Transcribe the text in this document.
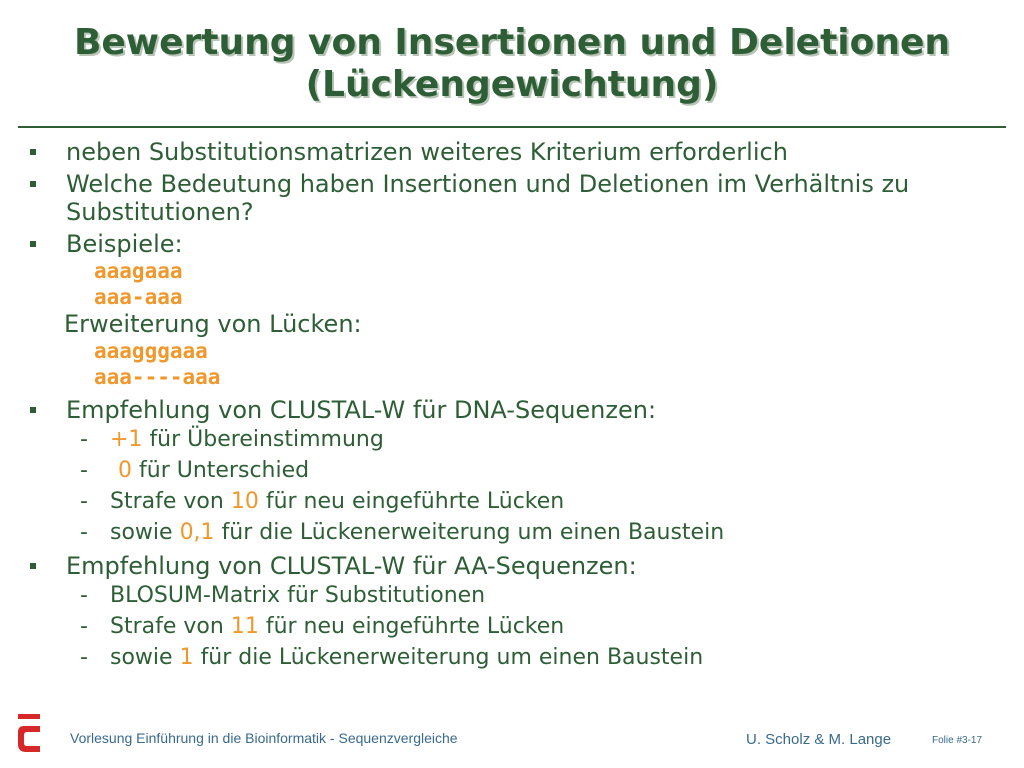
Bewertung von Insertionen und Deletionen
(Lückengewichtung)
neben Substitutionsmatrizen weiteres Kriterium erforderlich
Welche Bedeutung haben Insertionen und Deletionen im Verhältnis zu
Substitutionen?
Beispiele:
aaagaaa
aaa-aaa
Erweiterung von Lücken:
aaagggaaa
aaa----aaa
Empfehlung von CLUSTAL-W für DNA-Sequenzen:
- +1 für Übereinstimmung
- 0 für Unterschied
- Strafe von 10 für neu eingeführte Lücken
- sowie 0,1 für die Lückenerweiterung um einen Baustein
Empfehlung von CLUSTAL-W für AA-Sequenzen:
- BLOSUM-Matrix für Substitutionen
- Strafe von 11 für neu eingeführte Lücken
- sowie 1 für die Lückenerweiterung um einen Baustein
Vorlesung Einführung in die Bioinformatik - Sequenzvergleiche	U. Scholz & M. Lange	Folie #3-17
